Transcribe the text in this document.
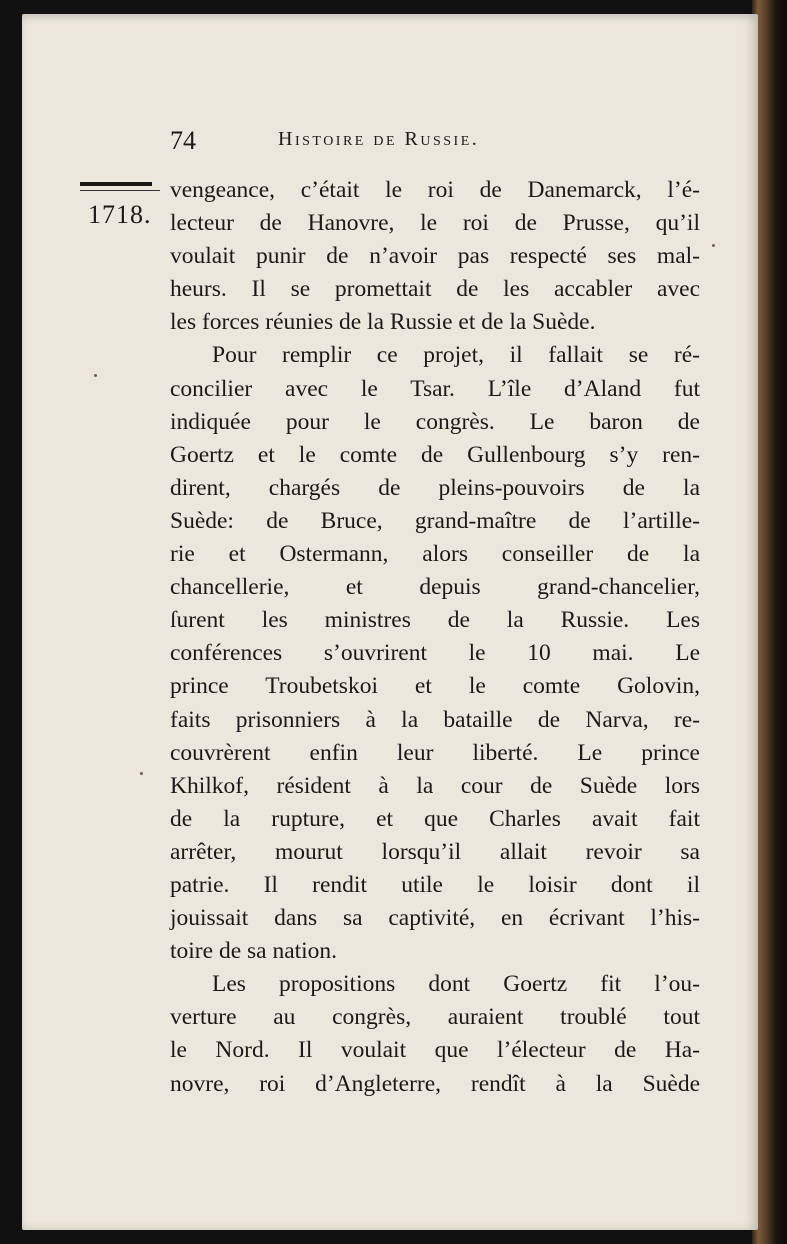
74	Histoire de Russie.
1718.
vengeance, c’était le roi de Danemarck, l’é-
lecteur de Hanovre, le roi de Prusse, qu’il
voulait punir de n’avoir pas respecté ses mal-
heurs. Il se promettait de les accabler avec
les forces réunies de la Russie et de la Suède.
Pour remplir ce projet, il fallait se ré-
concilier avec le Tsar. L’île d’Aland fut
indiquée pour le congrès. Le baron de
Goertz et le comte de Gullenbourg s’y ren-
dirent, chargés de pleins-pouvoirs de la
Suède: de Bruce, grand-maître de l’artille-
rie et Ostermann, alors conseiller de la
chancellerie, et depuis grand-chancelier,
ſurent les ministres de la Russie. Les
conférences s’ouvrirent le 10 mai. Le
prince Troubetskoi et le comte Golovin,
faits prisonniers à la bataille de Narva, re-
couvrèrent enfin leur liberté. Le prince
Khilkof, résident à la cour de Suède lors
de la rupture, et que Charles avait fait
arrêter, mourut lorsqu’il allait revoir sa
patrie. Il rendit utile le loisir dont il
jouissait dans sa captivité, en écrivant l’his-
toire de sa nation.
Les propositions dont Goertz fit l’ou-
verture au congrès, auraient troublé tout
le Nord. Il voulait que l’électeur de Ha-
novre, roi d’Angleterre, rendît à la Suède
